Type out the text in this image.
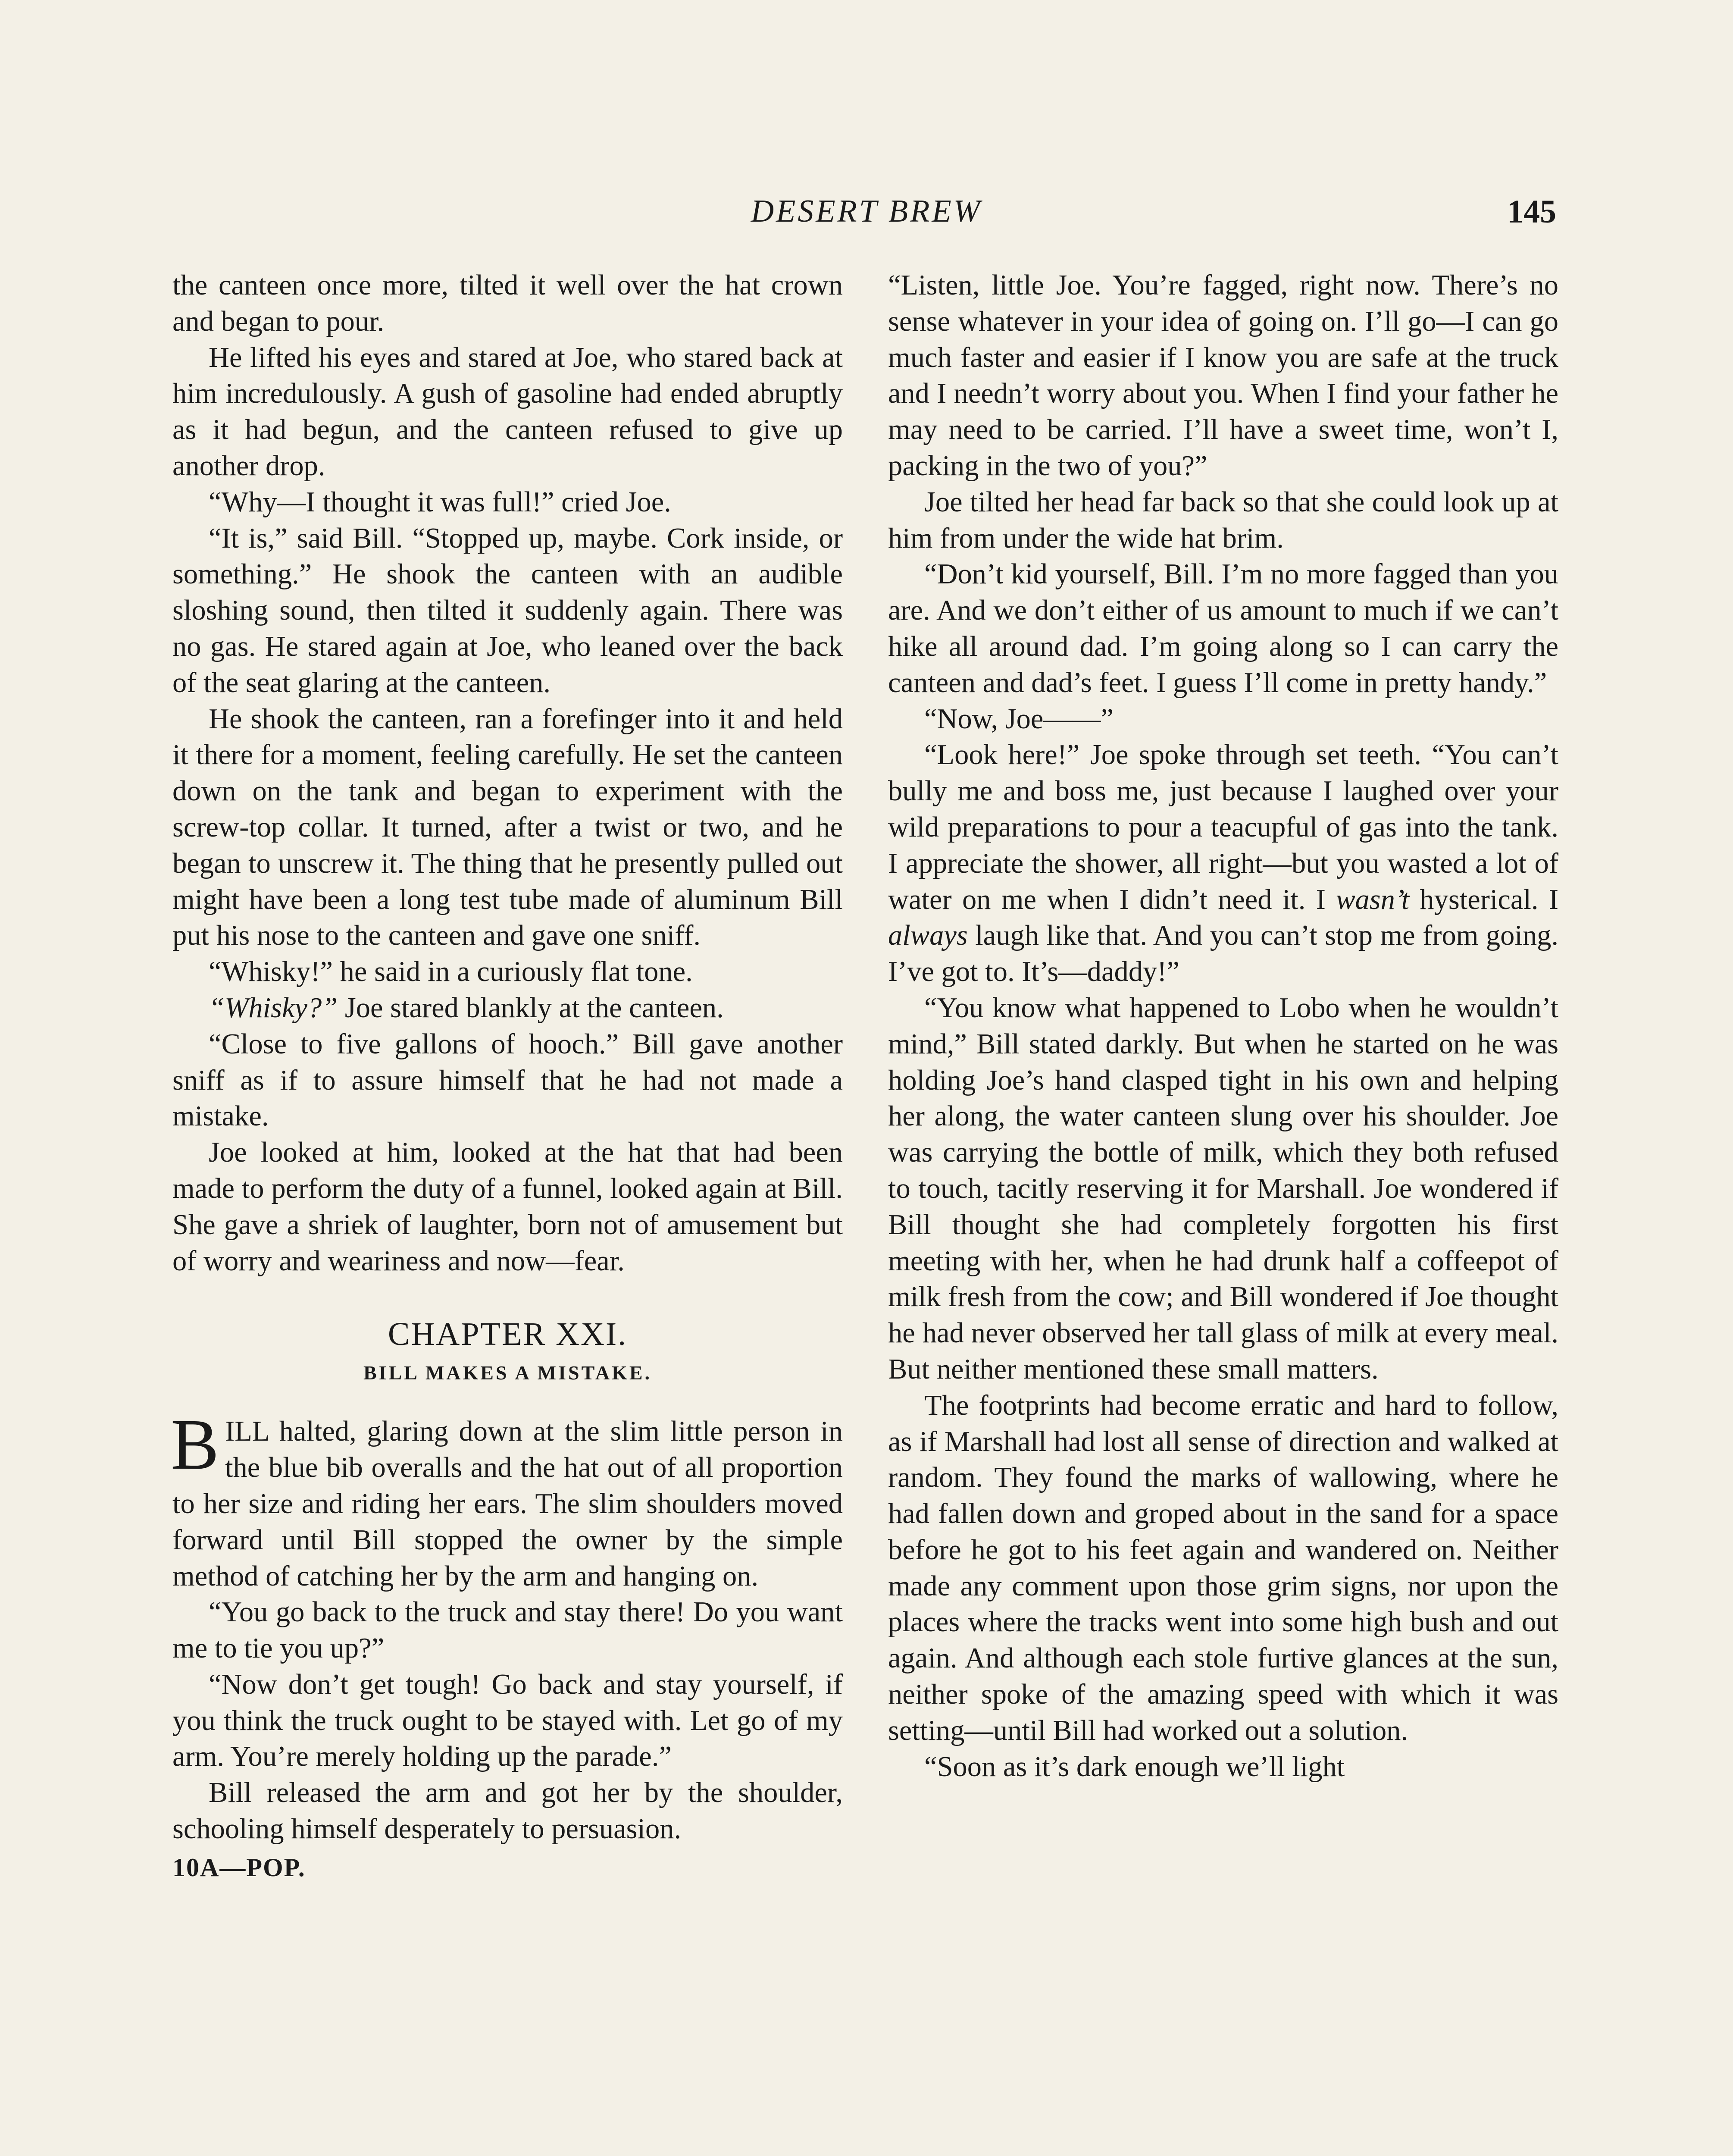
DESERT BREW	145

the canteen once more, tilted it well over the hat crown and began to pour.

He lifted his eyes and stared at Joe, who stared back at him incredulously. A gush of gasoline had ended abruptly as it had begun, and the canteen refused to give up another drop.

“Why—I thought it was full!” cried Joe.

“It is,” said Bill. “Stopped up, maybe. Cork inside, or something.” He shook the canteen with an audible sloshing sound, then tilted it suddenly again. There was no gas. He stared again at Joe, who leaned over the back of the seat glaring at the canteen.

He shook the canteen, ran a forefinger into it and held it there for a moment, feeling carefully. He set the canteen down on the tank and began to experiment with the screw-top collar. It turned, after a twist or two, and he began to unscrew it. The thing that he presently pulled out might have been a long test tube made of aluminum Bill put his nose to the canteen and gave one sniff.

“Whisky!” he said in a curiously flat tone.

“Whisky?” Joe stared blankly at the canteen.

“Close to five gallons of hooch.” Bill gave another sniff as if to assure himself that he had not made a mistake.

Joe looked at him, looked at the hat that had been made to perform the duty of a funnel, looked again at Bill. She gave a shriek of laughter, born not of amusement but of worry and weariness and now—fear.

CHAPTER XXI.
BILL MAKES A MISTAKE.

BILL halted, glaring down at the slim little person in the blue bib overalls and the hat out of all proportion to her size and riding her ears. The slim shoulders moved forward until Bill stopped the owner by the simple method of catching her by the arm and hanging on.

“You go back to the truck and stay there! Do you want me to tie you up?”

“Now don’t get tough! Go back and stay yourself, if you think the truck ought to be stayed with. Let go of my arm. You’re merely holding up the parade.”

Bill released the arm and got her by the shoulder, schooling himself desperately to persuasion.

10A—POP.

“Listen, little Joe. You’re fagged, right now. There’s no sense whatever in your idea of going on. I’ll go—I can go much faster and easier if I know you are safe at the truck and I needn’t worry about you. When I find your father he may need to be carried. I’ll have a sweet time, won’t I, packing in the two of you?”

Joe tilted her head far back so that she could look up at him from under the wide hat brim.

“Don’t kid yourself, Bill. I’m no more fagged than you are. And we don’t either of us amount to much if we can’t hike all around dad. I’m going along so I can carry the canteen and dad’s feet. I guess I’ll come in pretty handy.”

“Now, Joe——”

“Look here!” Joe spoke through set teeth. “You can’t bully me and boss me, just because I laughed over your wild preparations to pour a teacupful of gas into the tank. I appreciate the shower, all right—but you wasted a lot of water on me when I didn’t need it. I wasn’t hysterical. I always laugh like that. And you can’t stop me from going. I’ve got to. It’s—daddy!”

“You know what happened to Lobo when he wouldn’t mind,” Bill stated darkly. But when he started on he was holding Joe’s hand clasped tight in his own and helping her along, the water canteen slung over his shoulder. Joe was carrying the bottle of milk, which they both refused to touch, tacitly reserving it for Marshall. Joe wondered if Bill thought she had completely forgotten his first meeting with her, when he had drunk half a coffeepot of milk fresh from the cow; and Bill wondered if Joe thought he had never observed her tall glass of milk at every meal. But neither mentioned these small matters.

The footprints had become erratic and hard to follow, as if Marshall had lost all sense of direction and walked at random. They found the marks of wallowing, where he had fallen down and groped about in the sand for a space before he got to his feet again and wandered on. Neither made any comment upon those grim signs, nor upon the places where the tracks went into some high bush and out again. And although each stole furtive glances at the sun, neither spoke of the amazing speed with which it was setting—until Bill had worked out a solution.

“Soon as it’s dark enough we’ll light
